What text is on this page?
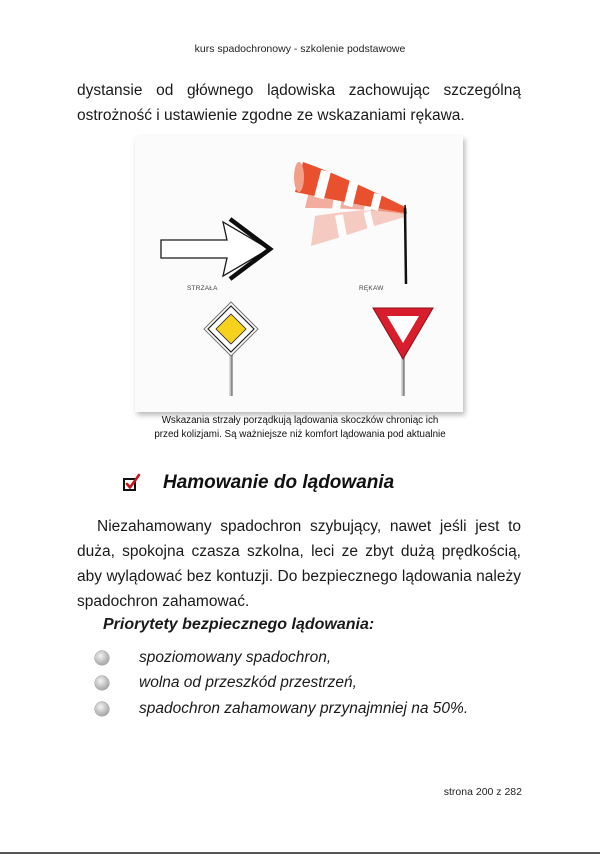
kurs spadochronowy - szkolenie podstawowe

dystansie od głównego lądowiska zachowując szczególną ostrożność i ustawienie zgodne ze wskazaniami rękawa.

STRZAŁA	RĘKAW
Wskazania strzały porządkują lądowania skoczków chroniąc ich
przed kolizjami. Są ważniejsze niż komfort lądowania pod aktualnie
Hamowanie do lądowania

Niezahamowany spadochron szybujący, nawet jeśli jest to duża, spokojna czasza szkolna, leci ze zbyt dużą prędkością, aby wylądować bez kontuzji. Do bezpiecznego lądowania należy spadochron zahamować.

Priorytety bezpiecznego lądowania:
spoziomowany spadochron,
wolna od przeszkód przestrzeń,
spadochron zahamowany przynajmniej na 50%.
strona 200 z 282
